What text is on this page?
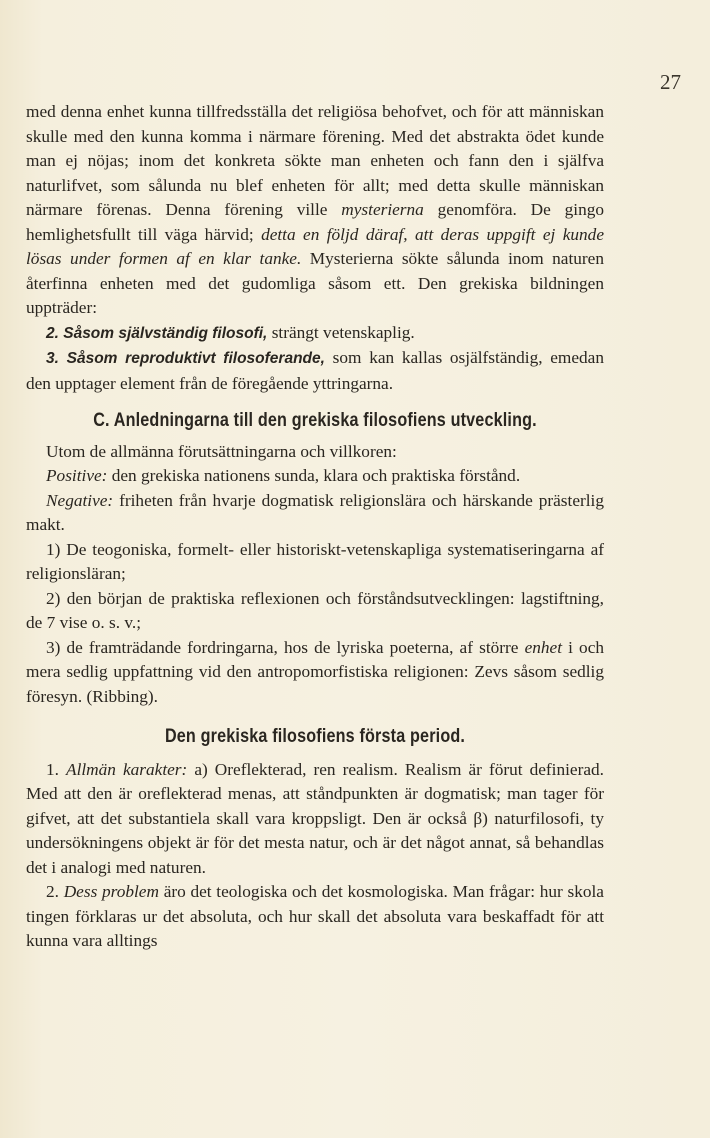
27

med denna enhet kunna tillfredsställa det religiösa behofvet, och för att människan skulle med den kunna komma i närmare förening. Med det abstrakta ödet kunde man ej nöjas; inom det konkreta sökte man enheten och fann den i själfva naturlifvet, som sålunda nu blef enheten för allt; med detta skulle människan närmare förenas. Denna förening ville mysterierna genomföra. De gingo hemlighetsfullt till väga härvid; detta en följd däraf, att deras uppgift ej kunde lösas under formen af en klar tanke. Mysterierna sökte sålunda inom naturen återfinna enheten med det gudomliga såsom ett. Den grekiska bildningen uppträder:

2. Såsom självständig filosofi, strängt vetenskaplig.

3. Såsom reproduktivt filosoferande, som kan kallas osjälfständig, emedan den upptager element från de föregående yttringarna.

C. Anledningarna till den grekiska filosofiens utveckling.

Utom de allmänna förutsättningarna och villkoren:

Positive: den grekiska nationens sunda, klara och praktiska förstånd.

Negative: friheten från hvarje dogmatisk religionslära och härskande prästerlig makt.

1) De teogoniska, formelt- eller historiskt-vetenskapliga systematiseringarna af religionsläran;

2) den början de praktiska reflexionen och förståndsutvecklingen: lagstiftning, de 7 vise o. s. v.;

3) de framträdande fordringarna, hos de lyriska poeterna, af större enhet i och mera sedlig uppfattning vid den antropomorfistiska religionen: Zevs såsom sedlig föresyn. (Ribbing).

Den grekiska filosofiens första period.

1. Allmän karakter: a) Oreflekterad, ren realism. Realism är förut definierad. Med att den är oreflekterad menas, att ståndpunkten är dogmatisk; man tager för gifvet, att det substantiela skall vara kroppsligt. Den är också β) naturfilosofi, ty undersökningens objekt är för det mesta natur, och är det något annat, så behandlas det i analogi med naturen.

2. Dess problem äro det teologiska och det kosmologiska. Man frågar: hur skola tingen förklaras ur det absoluta, och hur skall det absoluta vara beskaffadt för att kunna vara alltings
